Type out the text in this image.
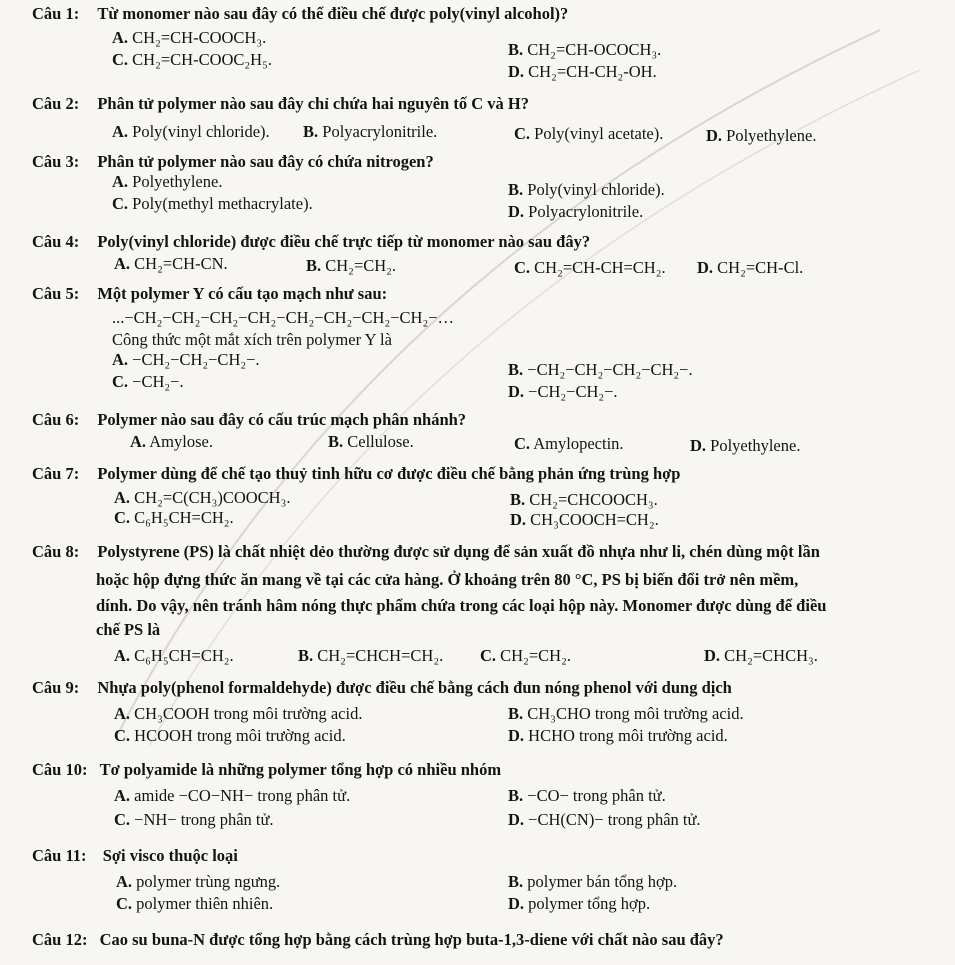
Câu 1: Từ monomer nào sau đây có thể điều chế được poly(vinyl alcohol)?
A. CH₂=CH-COOCH₃.
B. CH₂=CH-OCOCH₃.
C. CH₂=CH-COOC₂H₅.
D. CH₂=CH-CH₂-OH.
Câu 2: Phân tử polymer nào sau đây chỉ chứa hai nguyên tố C và H?
A. Poly(vinyl chloride). B. Polyacrylonitrile.	C. Poly(vinyl acetate).	D. Polyethylene.
Câu 3: Phân tử polymer nào sau đây có chứa nitrogen?
A. Polyethylene.	B. Poly(vinyl chloride).
C. Poly(methyl methacrylate).	D. Polyacrylonitrile.
Câu 4: Poly(vinyl chloride) được điều chế trực tiếp từ monomer nào sau đây?
A. CH₂=CH-CN.	B. CH₂=CH₂.	C. CH₂=CH-CH=CH₂. D. CH₂=CH-Cl.
Câu 5: Một polymer Y có cấu tạo mạch như sau:
...−CH₂−CH₂−CH₂−CH₂−CH₂−CH₂−CH₂−CH₂−…
Công thức một mắt xích trên polymer Y là
A. −CH₂−CH₂−CH₂−.
B. −CH₂−CH₂−CH₂−CH₂−.
C. −CH₂−.
D. −CH₂−CH₂−.
Câu 6: Polymer nào sau đây có cấu trúc mạch phân nhánh?
A. Amylose.	B. Cellulose.	C. Amylopectin.	D. Polyethylene.
Câu 7: Polymer dùng để chế tạo thuỷ tinh hữu cơ được điều chế bằng phản ứng trùng hợp
A. CH₂=C(CH₃)COOCH₃.	B. CH₂=CHCOOCH₃.
C. C₆H₅CH=CH₂.	D. CH₃COOCH=CH₂.
Câu 8: Polystyrene (PS) là chất nhiệt dẻo thường được sử dụng để sản xuất đồ nhựa như li, chén dùng một lần
hoặc hộp đựng thức ăn mang về tại các cửa hàng. Ở khoảng trên 80 °C, PS bị biến đổi trở nên mềm,
dính. Do vậy, nên tránh hâm nóng thực phẩm chứa trong các loại hộp này. Monomer được dùng để điều
chế PS là
A. C₆H₅CH=CH₂.	B. CH₂=CHCH=CH₂. C. CH₂=CH₂.	D. CH₂=CHCH₃.
Câu 9: Nhựa poly(phenol formaldehyde) được điều chế bằng cách đun nóng phenol với dung dịch
A. CH₃COOH trong môi trường acid.	B. CH₃CHO trong môi trường acid.
C. HCOOH trong môi trường acid.	D. HCHO trong môi trường acid.
Câu 10: Tơ polyamide là những polymer tổng hợp có nhiều nhóm
A. amide −CO−NH− trong phân tử.	B. −CO− trong phân tử.
C. −NH− trong phân tử.	D. −CH(CN)− trong phân tử.
Câu 11: Sợi visco thuộc loại
A. polymer trùng ngưng.	B. polymer bán tổng hợp.
C. polymer thiên nhiên.	D. polymer tổng hợp.
Câu 12: Cao su buna-N được tổng hợp bằng cách trùng hợp buta-1,3-diene với chất nào sau đây?
